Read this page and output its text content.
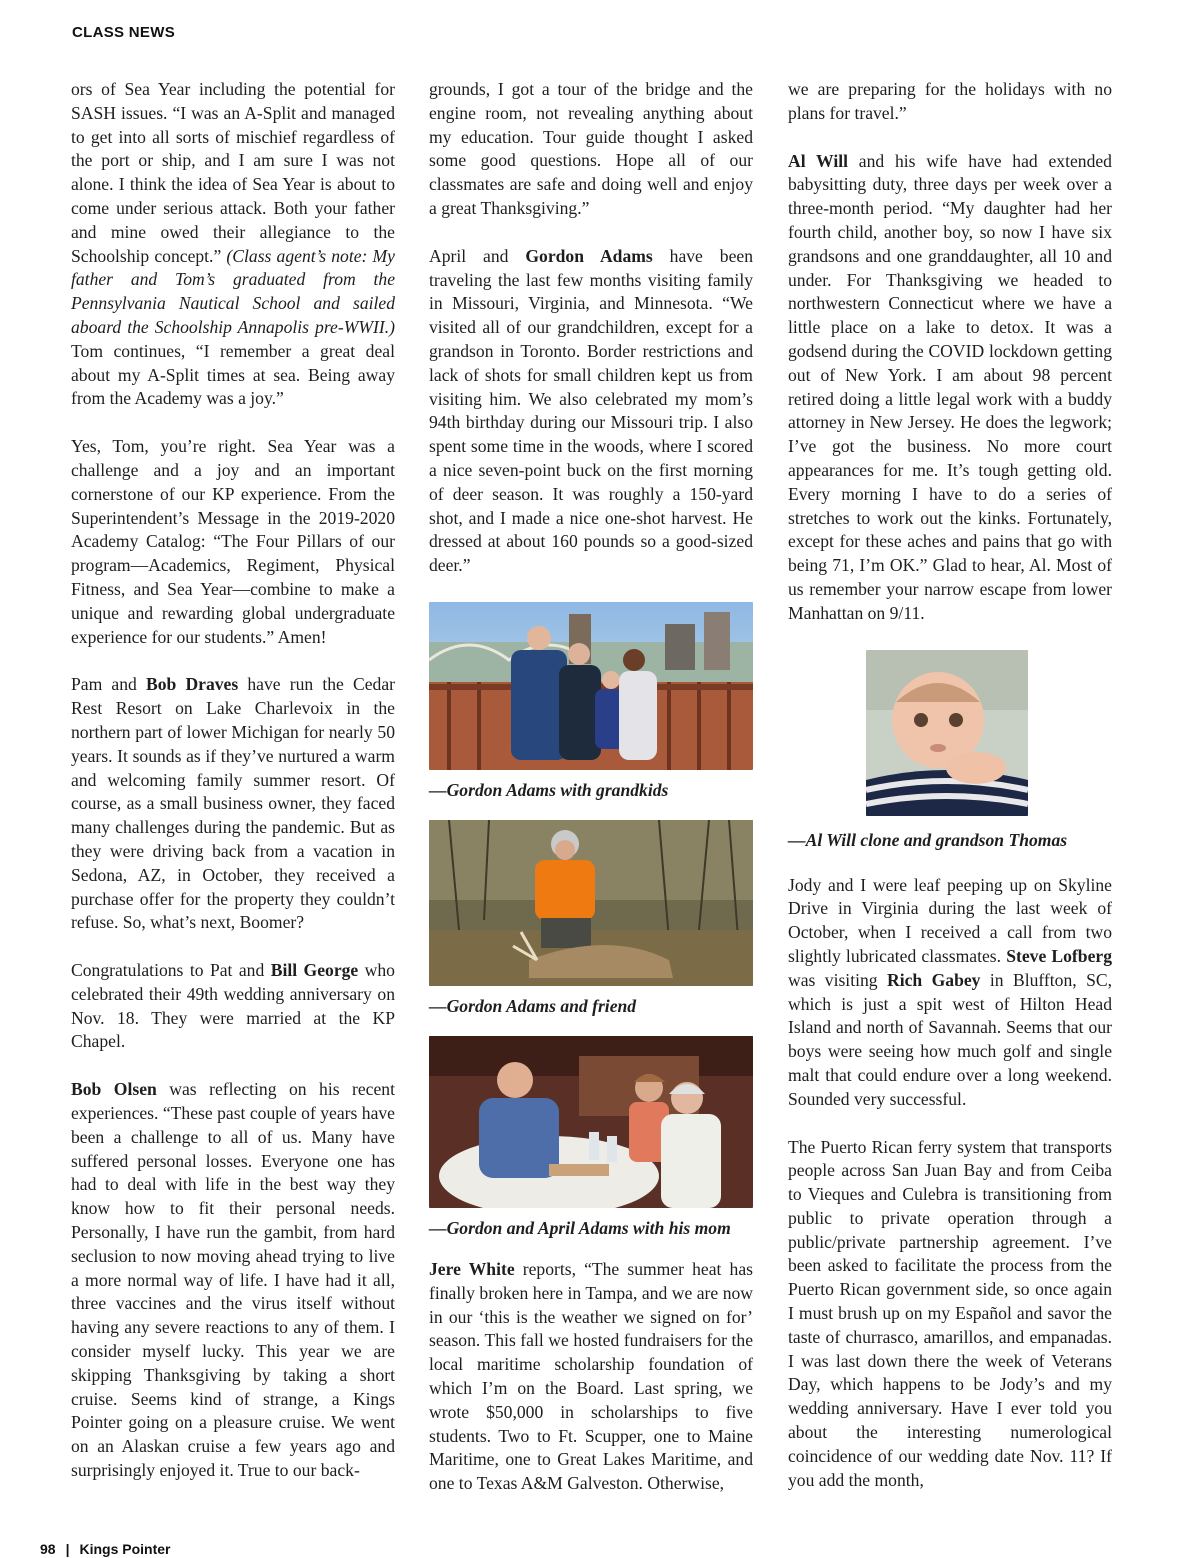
CLASS NEWS

ors of Sea Year including the potential for SASH issues. “I was an A-Split and managed to get into all sorts of mischief regardless of the port or ship, and I am sure I was not alone. I think the idea of Sea Year is about to come under serious attack. Both your father and mine owed their allegiance to the Schoolship concept.” (Class agent’s note: My father and Tom’s graduated from the Pennsylvania Nautical School and sailed aboard the Schoolship Annapolis pre-WWII.) Tom continues, “I remember a great deal about my A-Split times at sea. Being away from the Academy was a joy.”

Yes, Tom, you’re right. Sea Year was a challenge and a joy and an important cornerstone of our KP experience. From the Superintendent’s Message in the 2019-2020 Academy Catalog: “The Four Pillars of our program—Academics, Regiment, Physical Fitness, and Sea Year—combine to make a unique and rewarding global undergraduate experience for our students.” Amen!

Pam and Bob Draves have run the Cedar Rest Resort on Lake Charlevoix in the northern part of lower Michigan for nearly 50 years. It sounds as if they’ve nurtured a warm and welcoming family summer resort. Of course, as a small business owner, they faced many challenges during the pandemic. But as they were driving back from a vacation in Sedona, AZ, in October, they received a purchase offer for the property they couldn’t refuse. So, what’s next, Boomer?

Congratulations to Pat and Bill George who celebrated their 49th wedding anniversary on Nov. 18. They were married at the KP Chapel.

Bob Olsen was reflecting on his recent experiences. “These past couple of years have been a challenge to all of us. Many have suffered personal losses. Everyone one has had to deal with life in the best way they know how to fit their personal needs. Personally, I have run the gambit, from hard seclusion to now moving ahead trying to live a more normal way of life. I have had it all, three vaccines and the virus itself without having any severe reactions to any of them. I consider myself lucky. This year we are skipping Thanksgiving by taking a short cruise. Seems kind of strange, a Kings Pointer going on a pleasure cruise. We went on an Alaskan cruise a few years ago and surprisingly enjoyed it. True to our back-

grounds, I got a tour of the bridge and the engine room, not revealing anything about my education. Tour guide thought I asked some good questions. Hope all of our classmates are safe and doing well and enjoy a great Thanksgiving.”

April and Gordon Adams have been traveling the last few months visiting family in Missouri, Virginia, and Minnesota. “We visited all of our grandchildren, except for a grandson in Toronto. Border restrictions and lack of shots for small children kept us from visiting him. We also celebrated my mom’s 94th birthday during our Missouri trip. I also spent some time in the woods, where I scored a nice seven-point buck on the first morning of deer season. It was roughly a 150-yard shot, and I made a nice one-shot harvest. He dressed at about 160 pounds so a good-sized deer.”

—Gordon Adams with grandkids
—Gordon Adams and friend
—Gordon and April Adams with his mom

Jere White reports, “The summer heat has finally broken here in Tampa, and we are now in our ‘this is the weather we signed on for’ season. This fall we hosted fundraisers for the local maritime scholarship foundation of which I’m on the Board. Last spring, we wrote $50,000 in scholarships to five students. Two to Ft. Scupper, one to Maine Maritime, one to Great Lakes Maritime, and one to Texas A&M Galveston. Otherwise,

we are preparing for the holidays with no plans for travel.”

Al Will and his wife have had extended babysitting duty, three days per week over a three-month period. “My daughter had her fourth child, another boy, so now I have six grandsons and one granddaughter, all 10 and under. For Thanksgiving we headed to northwestern Connecticut where we have a little place on a lake to detox. It was a godsend during the COVID lockdown getting out of New York. I am about 98 percent retired doing a little legal work with a buddy attorney in New Jersey. He does the legwork; I’ve got the business. No more court appearances for me. It’s tough getting old. Every morning I have to do a series of stretches to work out the kinks. Fortunately, except for these aches and pains that go with being 71, I’m OK.” Glad to hear, Al. Most of us remember your narrow escape from lower Manhattan on 9/11.

—Al Will clone and grandson Thomas

Jody and I were leaf peeping up on Skyline Drive in Virginia during the last week of October, when I received a call from two slightly lubricated classmates. Steve Lofberg was visiting Rich Gabey in Bluffton, SC, which is just a spit west of Hilton Head Island and north of Savannah. Seems that our boys were seeing how much golf and single malt that could endure over a long weekend. Sounded very successful.

The Puerto Rican ferry system that transports people across San Juan Bay and from Ceiba to Vieques and Culebra is transitioning from public to private operation through a public/private partnership agreement. I’ve been asked to facilitate the process from the Puerto Rican government side, so once again I must brush up on my Español and savor the taste of churrasco, amarillos, and empanadas. I was last down there the week of Veterans Day, which happens to be Jody’s and my wedding anniversary. Have I ever told you about the interesting numerological coincidence of our wedding date Nov. 11? If you add the month,

98 | Kings Pointer
